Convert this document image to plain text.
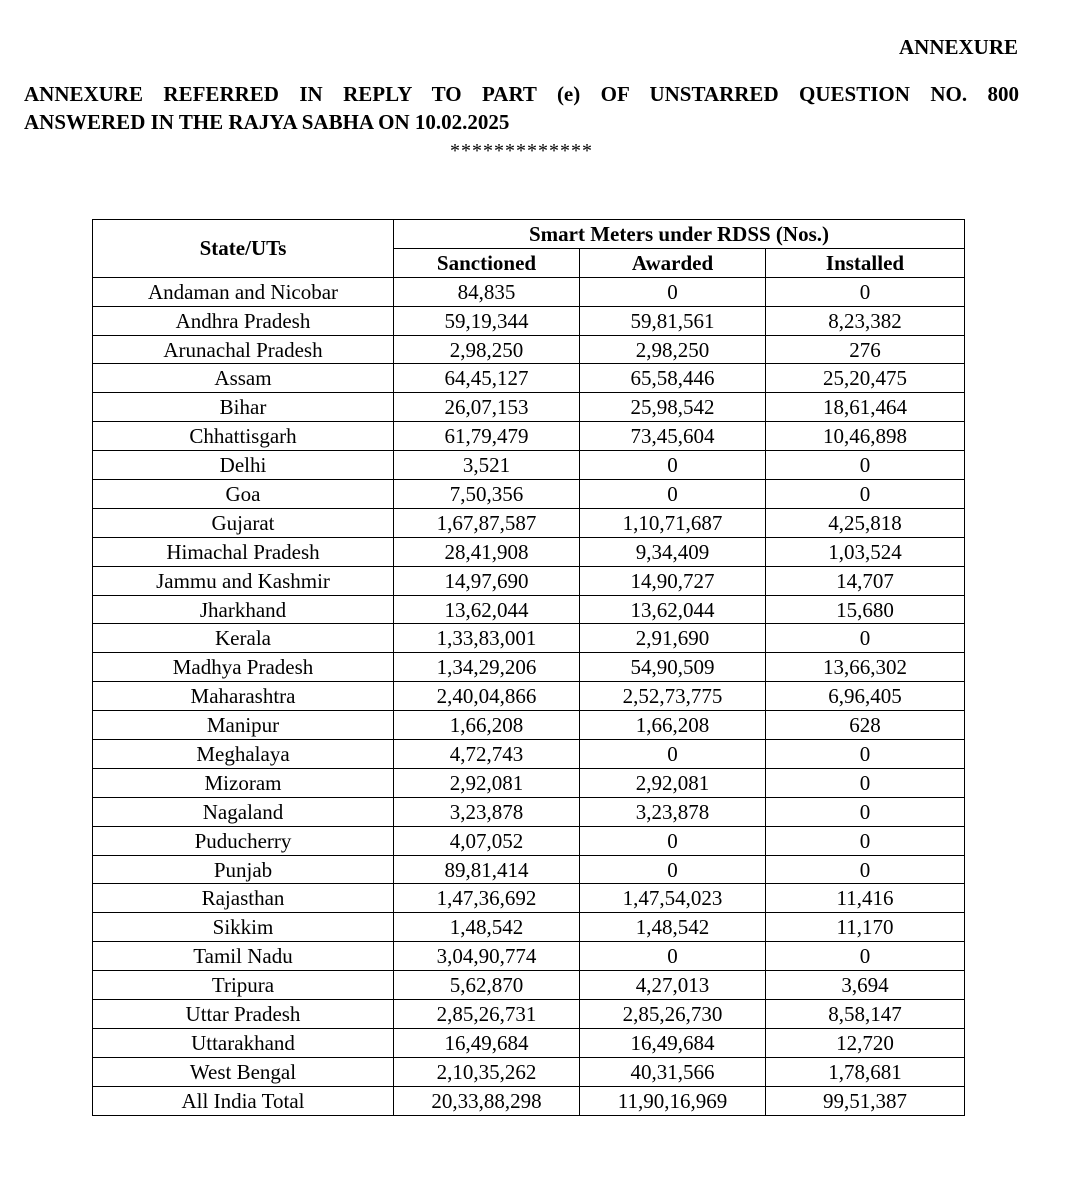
ANNEXURE
ANNEXURE REFERRED IN REPLY TO PART (e) OF UNSTARRED QUESTION NO. 800
ANSWERED IN THE RAJYA SABHA ON 10.02.2025
*************
State/UTs	Smart Meters under RDSS (Nos.)		
	Sanctioned	Awarded	Installed
Andaman and Nicobar	84,835	0	0
Andhra Pradesh	59,19,344	59,81,561	8,23,382
Arunachal Pradesh	2,98,250	2,98,250	276
Assam	64,45,127	65,58,446	25,20,475
Bihar	26,07,153	25,98,542	18,61,464
Chhattisgarh	61,79,479	73,45,604	10,46,898
Delhi	3,521	0	0
Goa	7,50,356	0	0
Gujarat	1,67,87,587	1,10,71,687	4,25,818
Himachal Pradesh	28,41,908	9,34,409	1,03,524
Jammu and Kashmir	14,97,690	14,90,727	14,707
Jharkhand	13,62,044	13,62,044	15,680
Kerala	1,33,83,001	2,91,690	0
Madhya Pradesh	1,34,29,206	54,90,509	13,66,302
Maharashtra	2,40,04,866	2,52,73,775	6,96,405
Manipur	1,66,208	1,66,208	628
Meghalaya	4,72,743	0	0
Mizoram	2,92,081	2,92,081	0
Nagaland	3,23,878	3,23,878	0
Puducherry	4,07,052	0	0
Punjab	89,81,414	0	0
Rajasthan	1,47,36,692	1,47,54,023	11,416
Sikkim	1,48,542	1,48,542	11,170
Tamil Nadu	3,04,90,774	0	0
Tripura	5,62,870	4,27,013	3,694
Uttar Pradesh	2,85,26,731	2,85,26,730	8,58,147
Uttarakhand	16,49,684	16,49,684	12,720
West Bengal	2,10,35,262	40,31,566	1,78,681
All India Total	20,33,88,298	11,90,16,969	99,51,387
